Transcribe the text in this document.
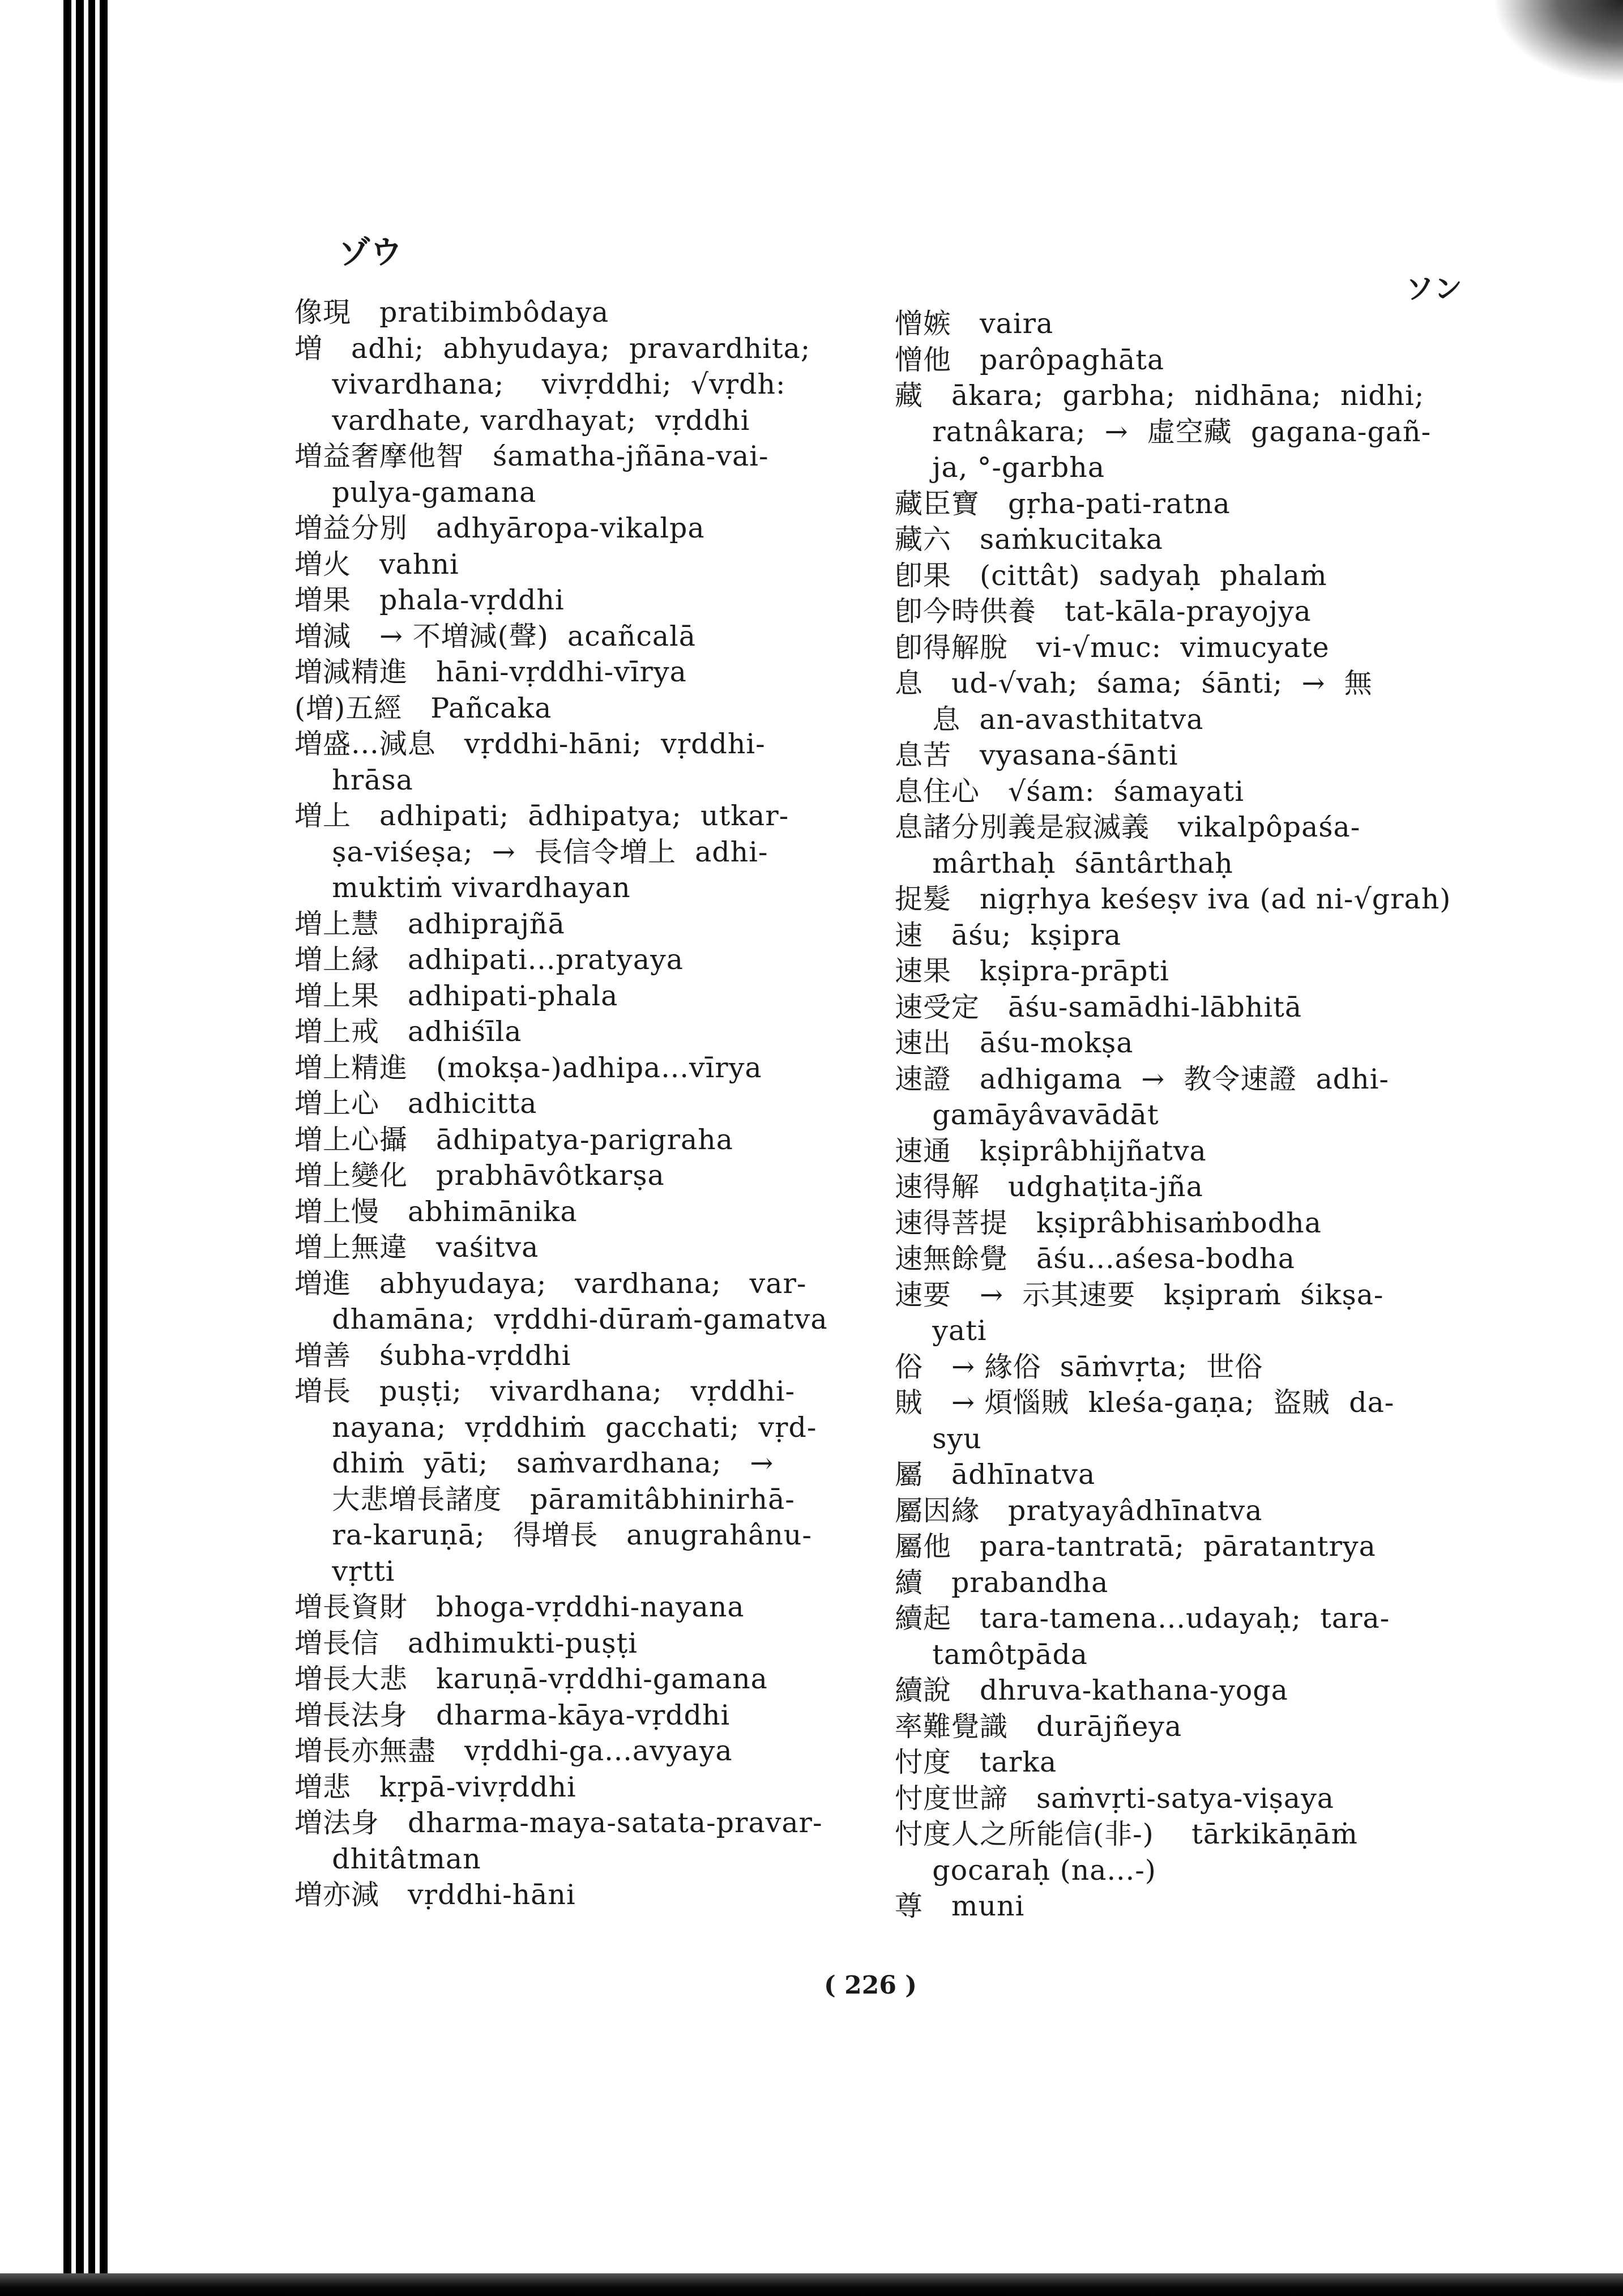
ゾウ
ソン
像現　pratibimbôdaya
増　adhi;  abhyudaya;  pravardhita;
vivardhana;    vivṛddhi;  √vṛdh:
vardhate, vardhayat;  vṛddhi
増益奢摩他智　śamatha-jñāna-vai-
pulya-gamana
増益分別　adhyāropa-vikalpa
増火　vahni
増果　phala-vṛddhi
増減　→ 不増減(聲)  acañcalā
増減精進　hāni-vṛddhi-vīrya
(増)五經　Pañcaka
増盛...減息　vṛddhi-hāni;  vṛddhi-
hrāsa
増上　adhipati;  ādhipatya;  utkar-
ṣa-viśeṣa;  →  長信令増上  adhi-
muktiṁ vivardhayan
増上慧　adhiprajñā
増上縁　adhipati...pratyaya
増上果　adhipati-phala
増上戒　adhiśīla
増上精進　(mokṣa-)adhipa...vīrya
増上心　adhicitta
増上心攝　ādhipatya-parigraha
増上變化　prabhāvôtkarṣa
増上慢　abhimānika
増上無違　vaśitva
増進　abhyudaya;   vardhana;   var-
dhamāna;  vṛddhi-dūraṁ-gamatva
増善　śubha-vṛddhi
増長　puṣṭi;   vivardhana;   vṛddhi-
nayana;  vṛddhiṁ  gacchati;  vṛd-
dhiṁ  yāti;   saṁvardhana;   →
大悲増長諸度   pāramitâbhinirhā-
ra-karuṇā;   得増長   anugrahânu-
vṛtti
増長資財　bhoga-vṛddhi-nayana
増長信　adhimukti-puṣṭi
増長大悲　karuṇā-vṛddhi-gamana
増長法身　dharma-kāya-vṛddhi
増長亦無盡　vṛddhi-ga...avyaya
増悲　kṛpā-vivṛddhi
増法身　dharma-maya-satata-pravar-
dhitâtman
増亦減　vṛddhi-hāni
憎嫉　vaira
憎他　parôpaghāta
藏　ākara;  garbha;  nidhāna;  nidhi;
ratnâkara;  →  虛空藏  gagana-gañ-
ja, °-garbha
藏臣寶　gṛha-pati-ratna
藏六　saṁkucitaka
卽果　(cittât)  sadyaḥ  phalaṁ
卽今時供養　tat-kāla-prayojya
卽得解脫　vi-√muc:  vimucyate
息　ud-√vah;  śama;  śānti;  →  無
息  an-avasthitatva
息苦　vyasana-śānti
息住心　√śam:  śamayati
息諸分別義是寂滅義　vikalpôpaśa-
mârthaḥ  śāntârthaḥ
捉髮　nigṛhya keśeṣv iva (ad ni-√grah)
速　āśu;  kṣipra
速果　kṣipra-prāpti
速受定　āśu-samādhi-lābhitā
速出　āśu-mokṣa
速證　adhigama  →  教令速證  adhi-
gamāyâvavādāt
速通　kṣiprâbhijñatva
速得解　udghaṭita-jña
速得菩提　kṣiprâbhisaṁbodha
速無餘覺　āśu...aśesa-bodha
速要　→  示其速要   kṣipraṁ  śikṣa-
yati
俗　→ 緣俗  sāṁvṛta;  世俗
賊　→ 煩惱賊  kleśa-gaṇa;  盜賊  da-
syu
屬　ādhīnatva
屬因緣　pratyayâdhīnatva
屬他　para-tantratā;  pāratantrya
續　prabandha
續起　tara-tamena...udayaḥ;  tara-
tamôtpāda
續說　dhruva-kathana-yoga
率難覺識　durājñeya
忖度　tarka
忖度世諦　saṁvṛti-satya-viṣaya
忖度人之所能信(非-)    tārkikāṇāṁ
gocaraḥ (na...-)
尊　muni
( 226 )
